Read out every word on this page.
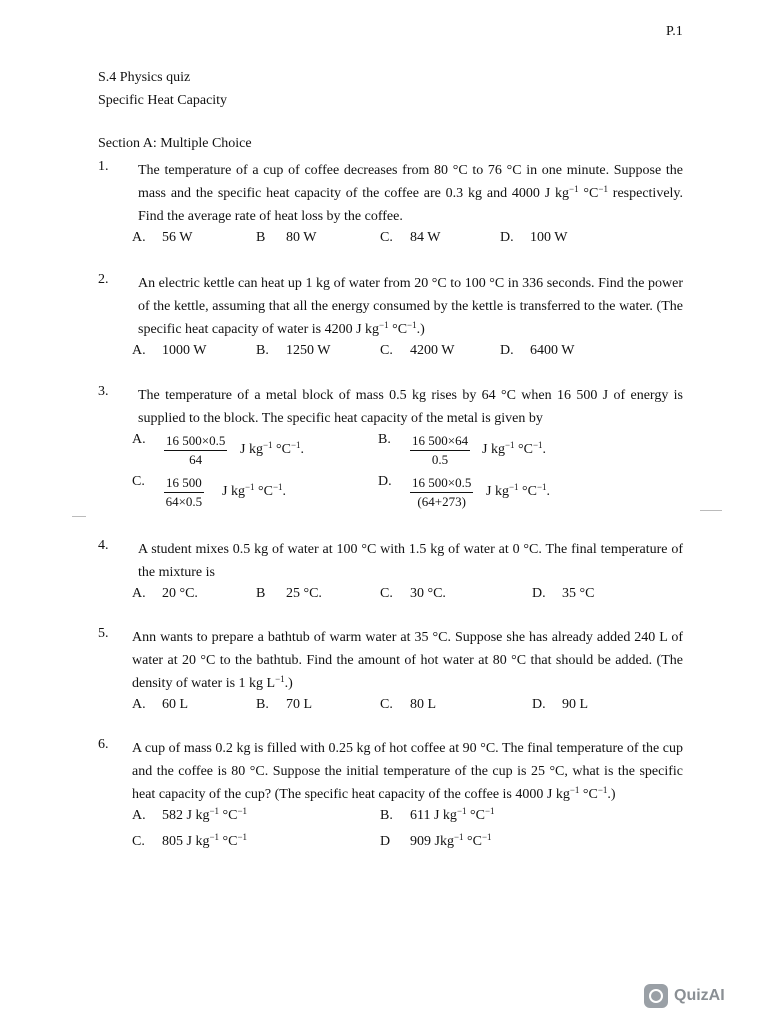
P.1
S.4 Physics quiz
Specific Heat Capacity
Section A: Multiple Choice
1.	The temperature of a cup of coffee decreases from 80 °C to 76 °C in one minute. Suppose the mass and the specific heat capacity of the coffee are 0.3 kg and 4000 J $kg^{-1}$ $^\circ C^{-1}$ respectively. Find the average rate of heat loss by the coffee.
A. 56 W	B 80 W	C. 84 W	D. 100 W
2.	An electric kettle can heat up 1 kg of water from 20 °C to 100 °C in 336 seconds. Find the power of the kettle, assuming that all the energy consumed by the kettle is transferred to the water. (The specific heat capacity of water is 4200 J $kg^{-1}$ $^\circ C^{-1}$.)
A. 1000 W	B. 1250 W	C. 4200 W	D. 6400 W
3.	The temperature of a metal block of mass 0.5 kg rises by 64 °C when 16 500 J of energy is supplied to the block. The specific heat capacity of the metal is given by
A. $\frac{16 500\times 0.5}{64}$ J $kg^{-1}$ $^\circ C^{-1}$.
B. $\frac{16 500\times 64}{0.5}$ J $kg^{-1}$ $^\circ C^{-1}$.
C. $\frac{16 500}{64\times 0.5}$ J $kg^{-1}$ $^\circ C^{-1}$.
D. $\frac{16 500\times 0.5}{(64+273)}$ J $kg^{-1}$ $^\circ C^{-1}$.
4.	A student mixes 0.5 kg of water at 100 °C with 1.5 kg of water at 0 °C. The final temperature of the mixture is
A. 20 °C.	B 25 °C.	C. 30 °C.	D. 35 °C
5.	Ann wants to prepare a bathtub of warm water at 35 °C. Suppose she has already added 240 L of water at 20 °C to the bathtub. Find the amount of hot water at 80 °C that should be added. (The density of water is 1 kg $L^{-1}$.)
A. 60 L	B. 70 L	C. 80 L	D. 90 L
6.	A cup of mass 0.2 kg is filled with 0.25 kg of hot coffee at 90 °C. The final temperature of the cup and the coffee is 80 °C. Suppose the initial temperature of the cup is 25 °C, what is the specific heat capacity of the cup? (The specific heat capacity of the coffee is 4000 J $kg^{-1}$ $^\circ C^{-1}$.)
A. 582 J $kg^{-1}$ $^\circ C^{-1}$	B. 611 J $kg^{-1}$ $^\circ C^{-1}$
C. 805 J $kg^{-1}$ $^\circ C^{-1}$	D 909 Jkg$^{-1}$ $^\circ C^{-1}$
QuizAI
